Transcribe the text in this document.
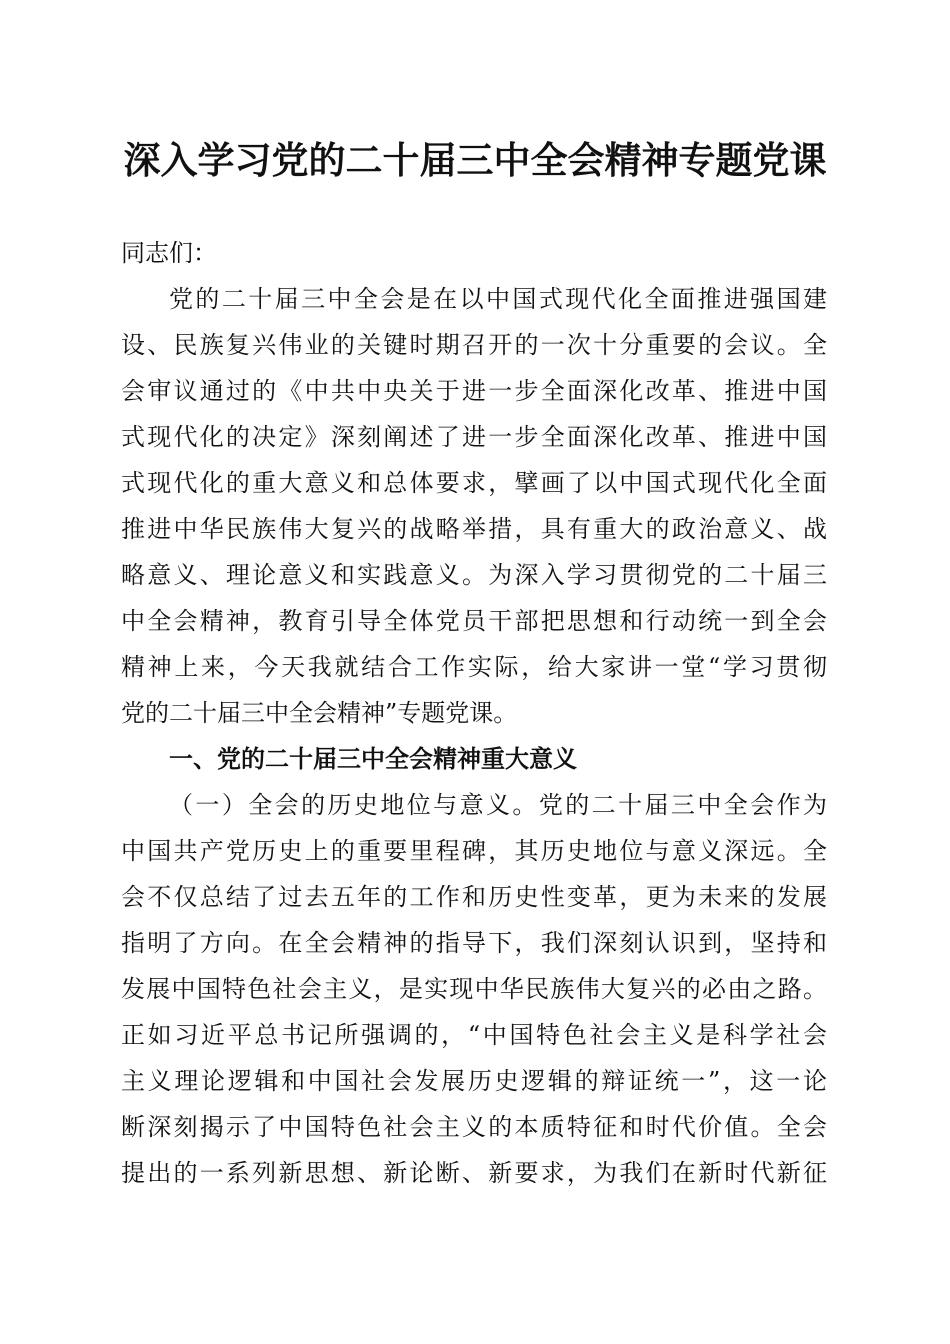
深入学习党的二十届三中全会精神专题党课
同志们：
党的二十届三中全会是在以中国式现代化全面推进强国建
设、民族复兴伟业的关键时期召开的一次十分重要的会议。全
会审议通过的《中共中央关于进一步全面深化改革、推进中国
式现代化的决定》深刻阐述了进一步全面深化改革、推进中国
式现代化的重大意义和总体要求，擘画了以中国式现代化全面
推进中华民族伟大复兴的战略举措，具有重大的政治意义、战
略意义、理论意义和实践意义。为深入学习贯彻党的二十届三
中全会精神，教育引导全体党员干部把思想和行动统一到全会
精神上来，今天我就结合工作实际，给大家讲一堂“学习贯彻
党的二十届三中全会精神”专题党课。
一、党的二十届三中全会精神重大意义
（一）全会的历史地位与意义。党的二十届三中全会作为
中国共产党历史上的重要里程碑，其历史地位与意义深远。全
会不仅总结了过去五年的工作和历史性变革，更为未来的发展
指明了方向。在全会精神的指导下，我们深刻认识到，坚持和
发展中国特色社会主义，是实现中华民族伟大复兴的必由之路。
正如习近平总书记所强调的，“中国特色社会主义是科学社会
主义理论逻辑和中国社会发展历史逻辑的辩证统一”，这一论
断深刻揭示了中国特色社会主义的本质特征和时代价值。全会
提出的一系列新思想、新论断、新要求，为我们在新时代新征
